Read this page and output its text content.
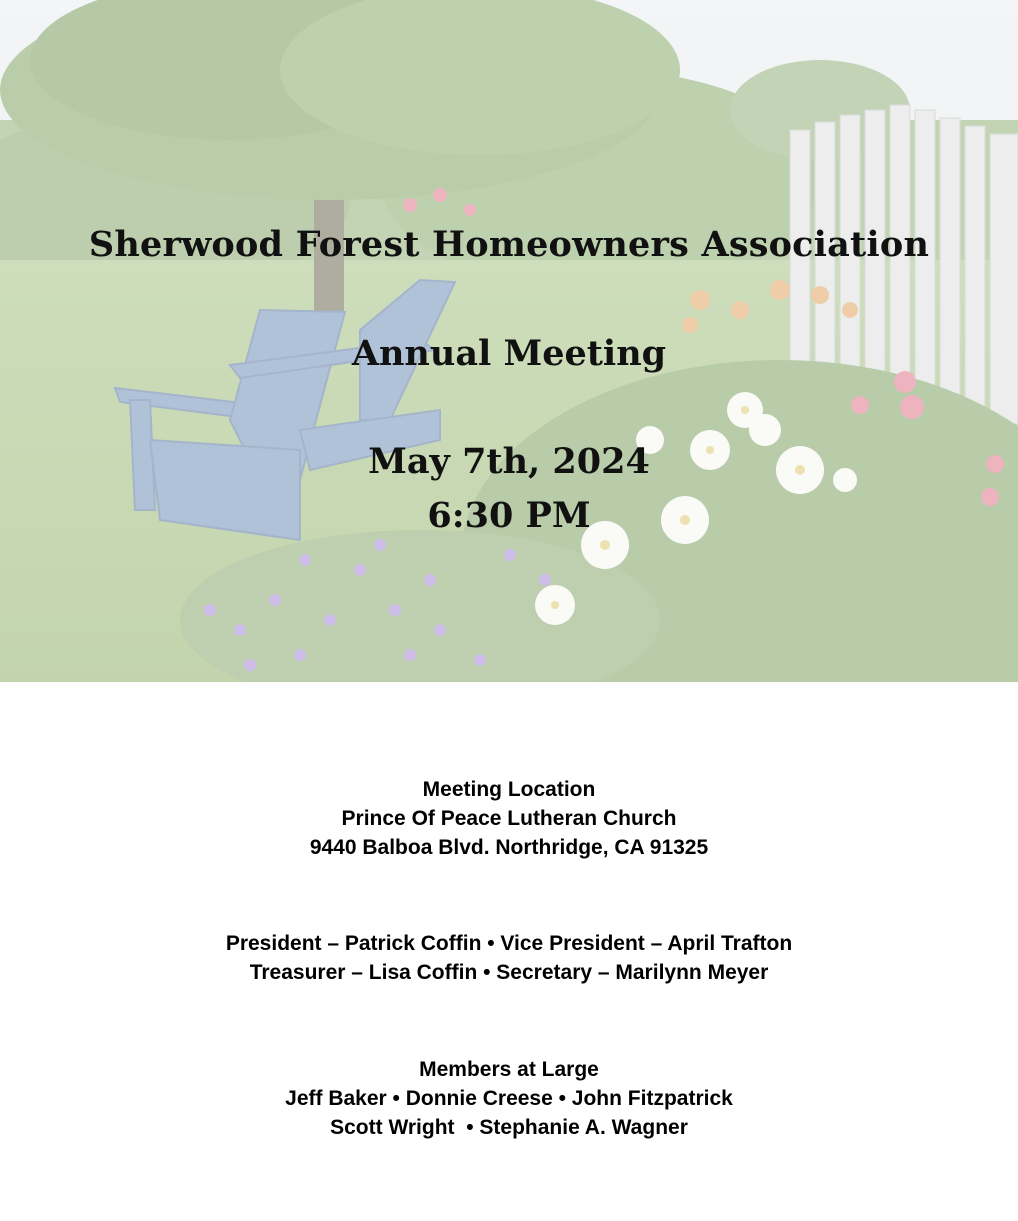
Sherwood Forest Homeowners Association
Annual Meeting
May 7th, 2024
6:30 PM
Meeting Location
Prince Of Peace Lutheran Church
9440 Balboa Blvd. Northridge, CA 91325
President – Patrick Coffin • Vice President – April Trafton
Treasurer – Lisa Coffin • Secretary – Marilynn Meyer
Members at Large
Jeff Baker • Donnie Creese • John Fitzpatrick
Scott Wright  • Stephanie A. Wagner
